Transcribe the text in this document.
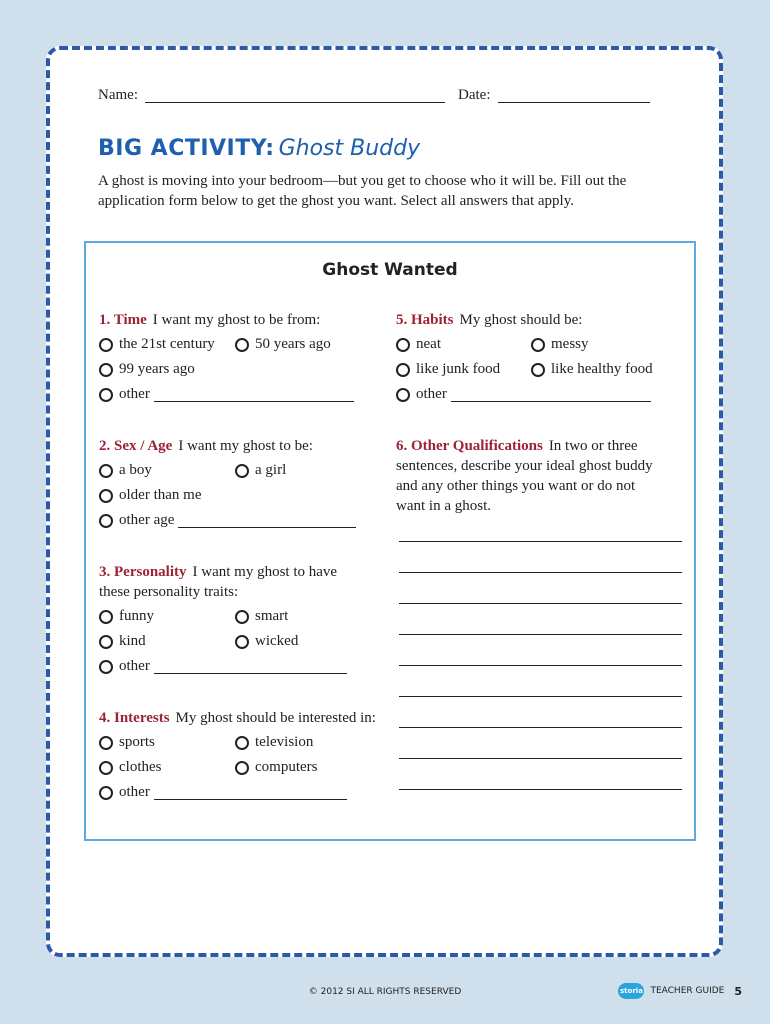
Name:	Date:
BIG ACTIVITY: Ghost Buddy
A ghost is moving into your bedroom—but you get to choose who it will be. Fill out the application form below to get the ghost you want. Select all answers that apply.
Ghost Wanted
1. Time I want my ghost to be from:
the 21st century	50 years ago
99 years ago
other
2. Sex / Age I want my ghost to be:
a boy	a girl
older than me
other age
3. Personality I want my ghost to have
these personality traits:
funny	smart
kind	wicked
other
4. Interests My ghost should be interested in:
sports	television
clothes	computers
other
5. Habits My ghost should be:
neat	messy
like junk food	like healthy food
other
6. Other Qualifications In two or three
sentences, describe your ideal ghost buddy
and any other things you want or do not
want in a ghost.
© 2012 SI ALL RIGHTS RESERVED	storia TEACHER GUIDE 5
